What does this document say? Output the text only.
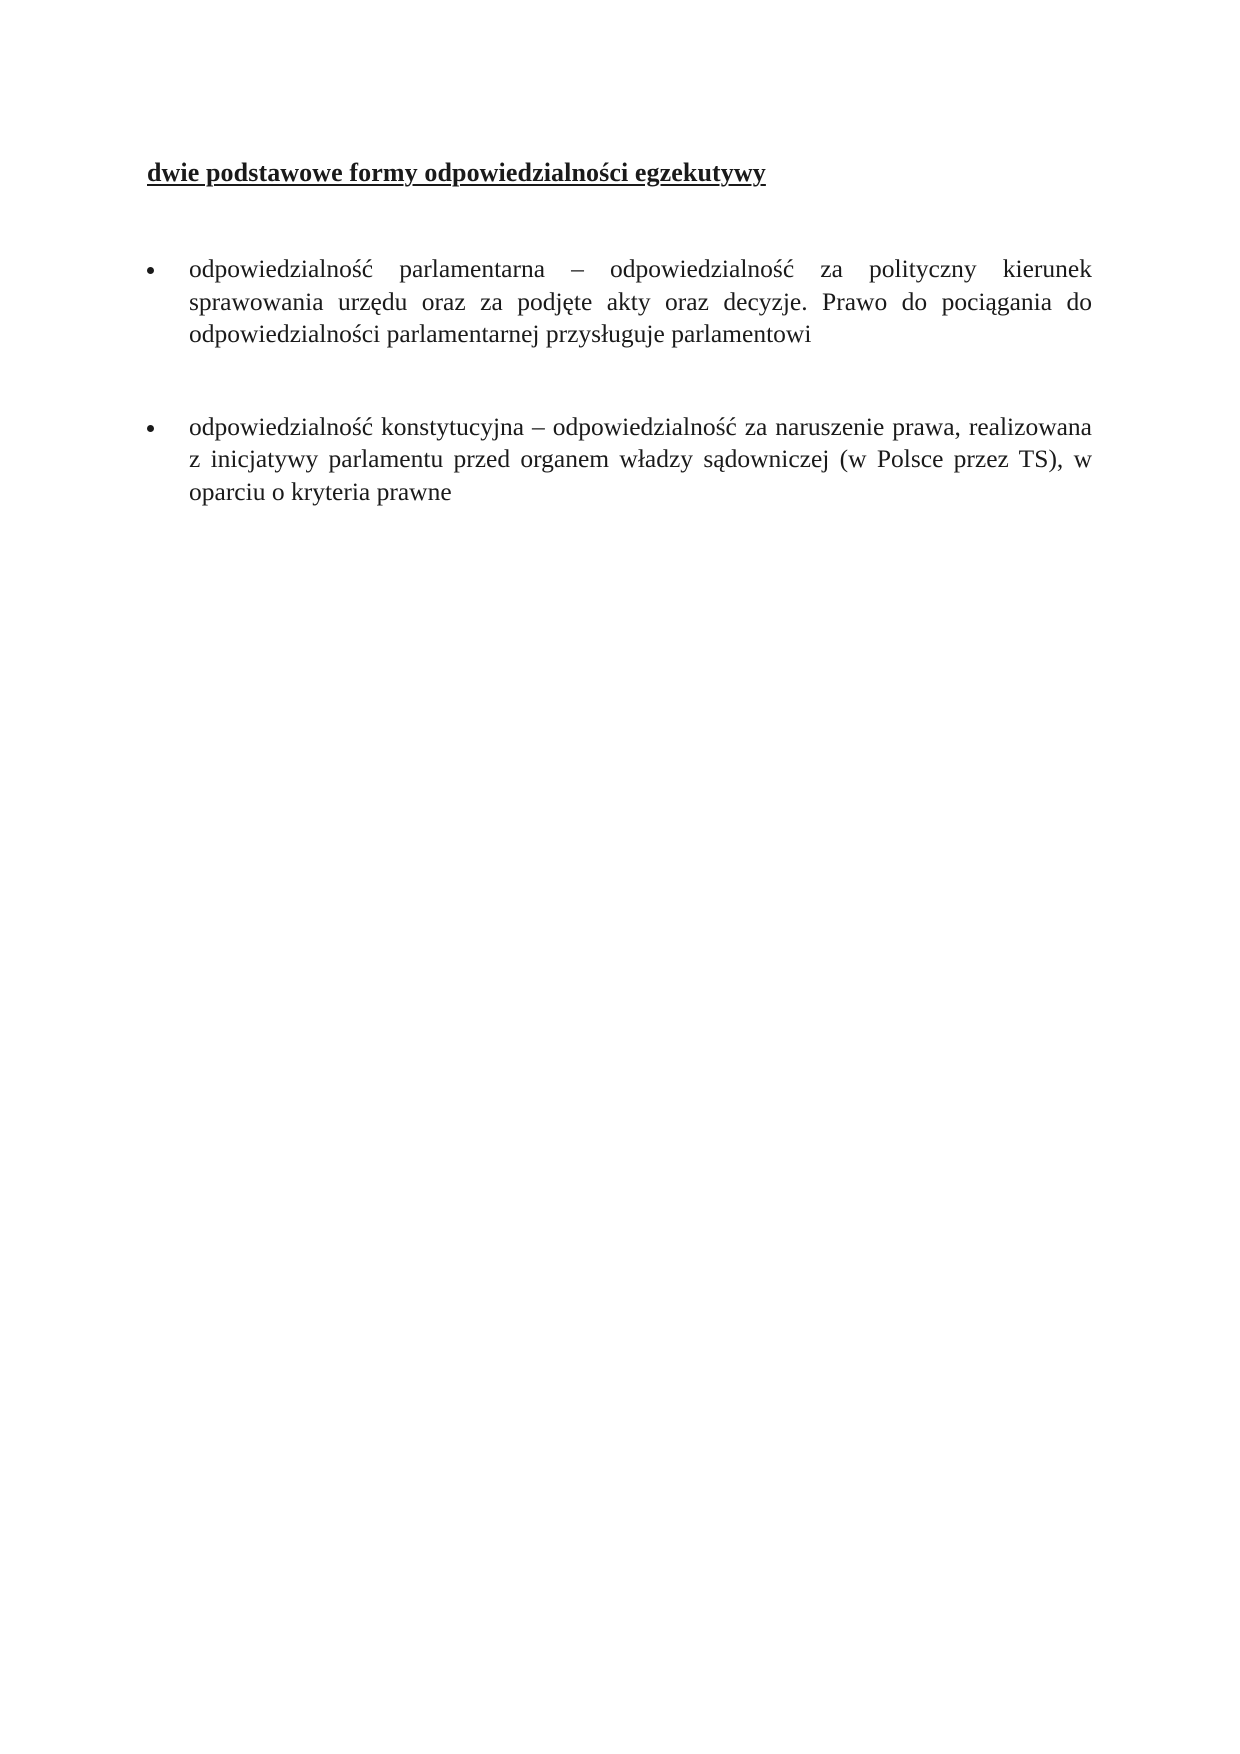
dwie podstawowe formy odpowiedzialności egzekutywy
odpowiedzialność parlamentarna – odpowiedzialność za polityczny kierunek sprawowania urzędu oraz za podjęte akty oraz decyzje. Prawo do pociągania do odpowiedzialności parlamentarnej przysługuje parlamentowi
odpowiedzialność konstytucyjna – odpowiedzialność za naruszenie prawa, realizowana z inicjatywy parlamentu przed organem władzy sądowniczej (w Polsce przez TS), w oparciu o kryteria prawne
